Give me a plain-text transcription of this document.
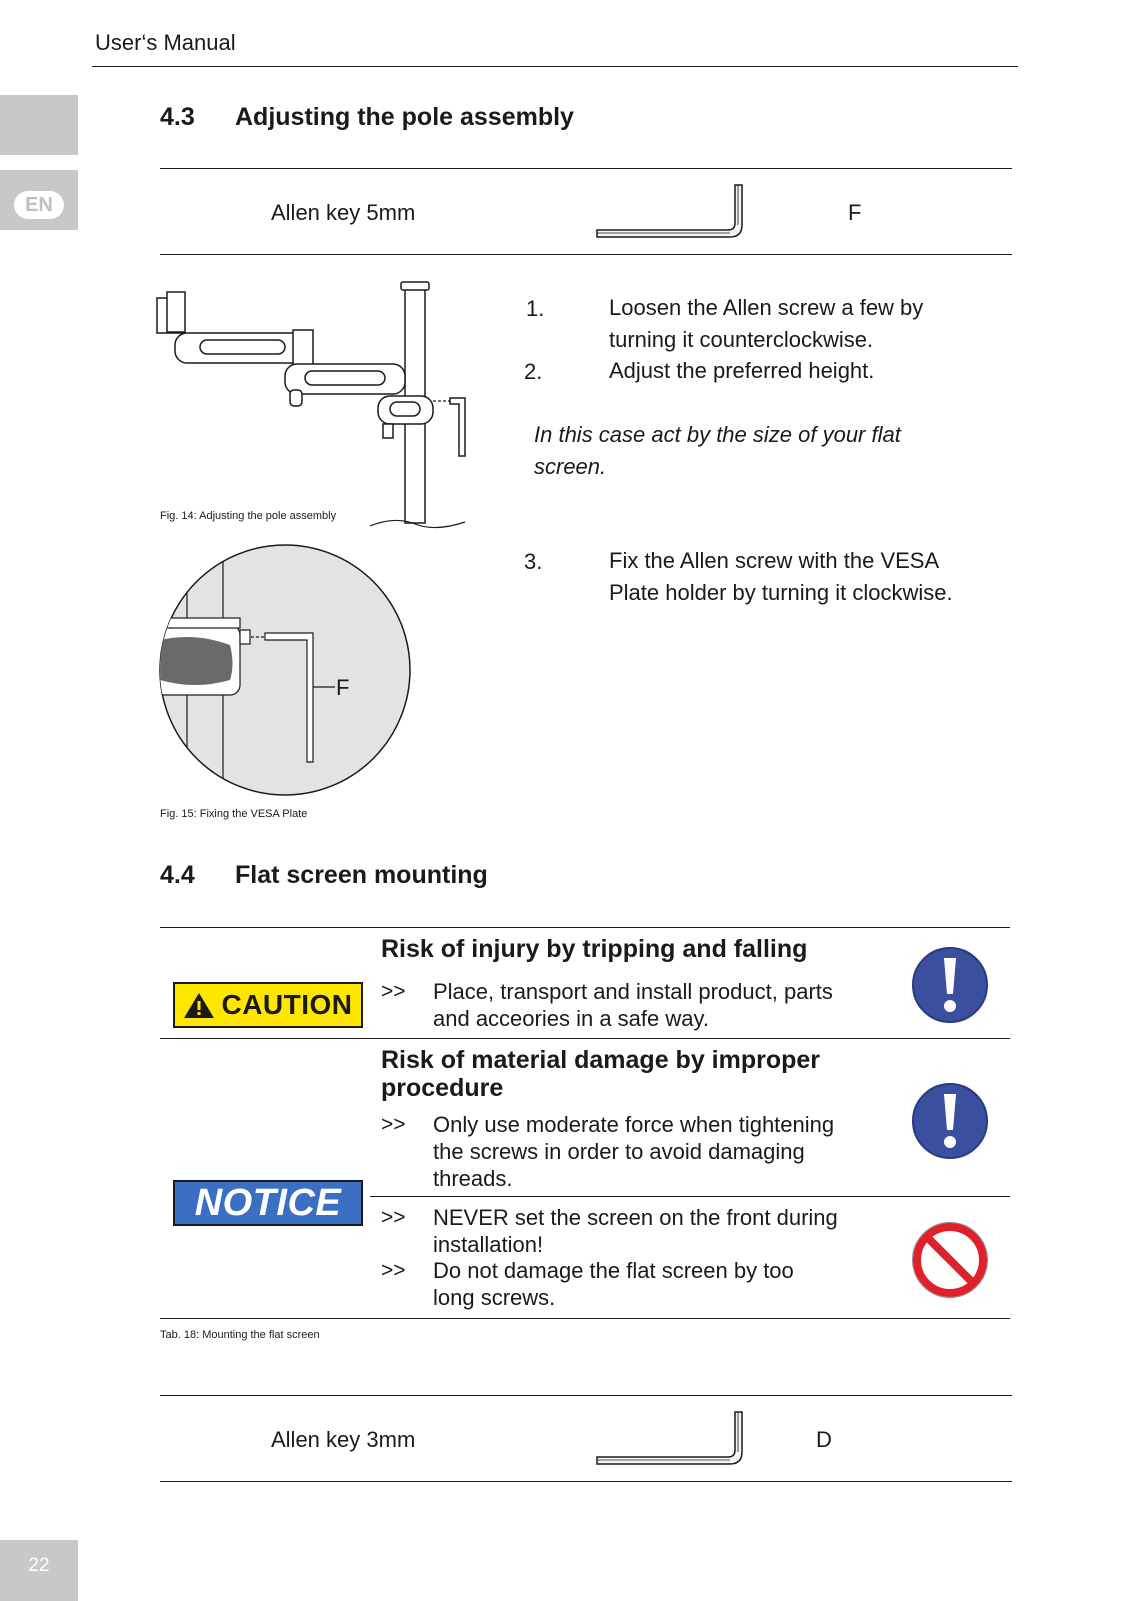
User‘s Manual
EN
4.3 Adjusting the pole assembly
Allen key 5mm	F
Fig. 14: Adjusting the pole assembly
1.	Loosen the Allen screw a few by
turning it counterclockwise.
2.	Adjust the preferred height.
In this case act by the size of your flat
screen.
3.	Fix the Allen screw with the VESA
Plate holder by turning it clockwise.
F
Fig. 15: Fixing the VESA Plate
4.4 Flat screen mounting
CAUTION
Risk of injury by tripping and falling
>> Place, transport and install product, parts
and acceories in a safe way.
NOTICE
Risk of material damage by improper
procedure
>> Only use moderate force when tightening
the screws in order to avoid damaging
threads.
>> NEVER set the screen on the front during
installation!
>> Do not damage the flat screen by too
long screws.
Tab. 18: Mounting the flat screen
Allen key 3mm	D
22
